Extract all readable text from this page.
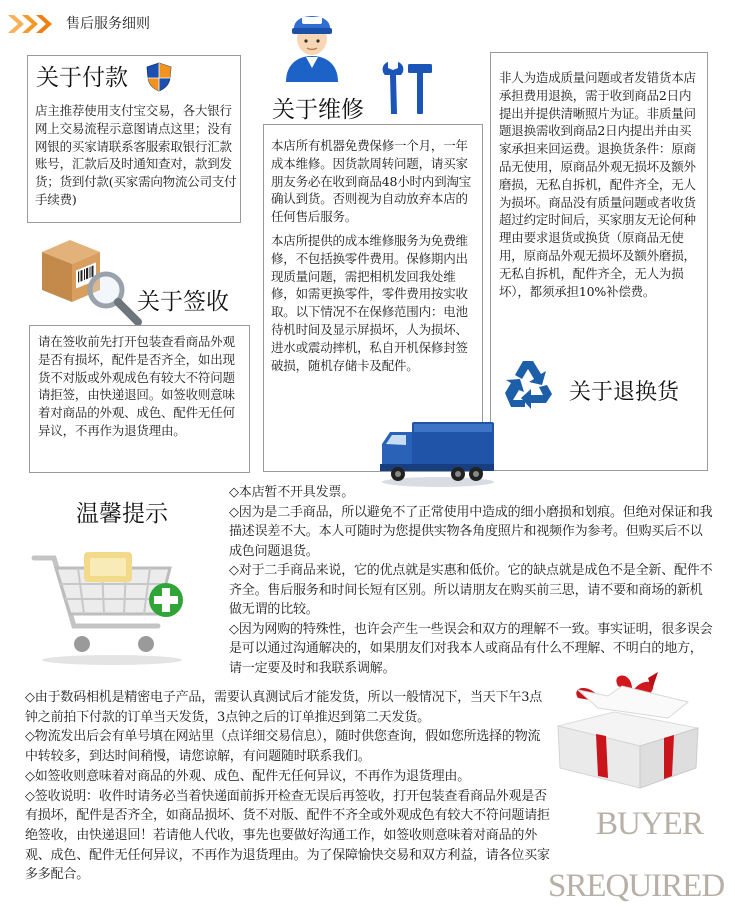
售后服务细则
关于付款
店主推荐使用支付宝交易，各大银行网上交易流程示意图请点这里；没有网银的买家请联系客服索取银行汇款账号，汇款后及时通知查对，款到发货；货到付款(买家需向物流公司支付手续费)
关于维修

本店所有机器免费保修一个月，一年成本维修。因货款周转问题，请买家朋友务必在收到商品48小时内到淘宝确认到货。否则视为自动放弃本店的任何售后服务。

本店所提供的成本维修服务为免费维修，不包括换零件费用。保修期内出现质量问题，需把相机发回我处维修，如需更换零件，零件费用按实收取。以下情况不在保修范围内：电池待机时间及显示屏损坏，人为损坏、进水或震动摔机，私自开机保修封签破损，随机存储卡及配件。

非人为造成质量问题或者发错货本店承担费用退换，需于收到商品2日内提出并提供清晰照片为证。非质量问题退换需收到商品2日内提出并由买家承担来回运费。退换货条件：原商品无使用，原商品外观无损坏及额外磨损，无私自拆机，配件齐全，无人为损坏。商品没有质量问题或者收货超过约定时间后，买家朋友无论何种理由要求退货或换货（原商品无使用，原商品外观无损坏及额外磨损，无私自拆机，配件齐全，无人为损坏），都须承担10%补偿费。
关于退换货
关于签收
请在签收前先打开包装查看商品外观是否有损坏，配件是否齐全，如出现货不对版或外观成色有较大不符问题请拒签，由快递退回。如签收则意味着对商品的外观、成色、配件无任何异议，不再作为退货理由。
温馨提示

◇本店暂不开具发票。

◇因为是二手商品，所以避免不了正常使用中造成的细小磨损和划痕。但绝对保证和我描述误差不大。本人可随时为您提供实物各角度照片和视频作为参考。但购买后不以成色问题退货。

◇对于二手商品来说，它的优点就是实惠和低价。它的缺点就是成色不是全新、配件不齐全。售后服务和时间长短有区别。所以请朋友在购买前三思，请不要和商场的新机做无谓的比较。

◇因为网购的特殊性，也许会产生一些误会和双方的理解不一致。事实证明，很多误会是可以通过沟通解决的，如果朋友们对我本人或商品有什么不理解、不明白的地方，请一定要及时和我联系调解。

◇由于数码相机是精密电子产品，需要认真测试后才能发货，所以一般情况下，当天下午3点钟之前拍下付款的订单当天发货，3点钟之后的订单推迟到第二天发货。

◇物流发出后会有单号填在网站里（点详细交易信息），随时供您查询，假如您所选择的物流中转较多，到达时间稍慢，请您谅解，有问题随时联系我们。

◇如签收则意味着对商品的外观、成色、配件无任何异议，不再作为退货理由。

◇签收说明：收件时请务必当着快递面前拆开检查无误后再签收，打开包装查看商品外观是否有损坏，配件是否齐全，如商品损坏、货不对版、配件不齐全或外观成色有较大不符问题请拒绝签收，由快递退回！若请他人代收，事先也要做好沟通工作，如签收则意味着对商品的外观、成色、配件无任何异议，不再作为退货理由。为了保障愉快交易和双方利益，请各位买家多多配合。

BUYER
SREQUIRED
